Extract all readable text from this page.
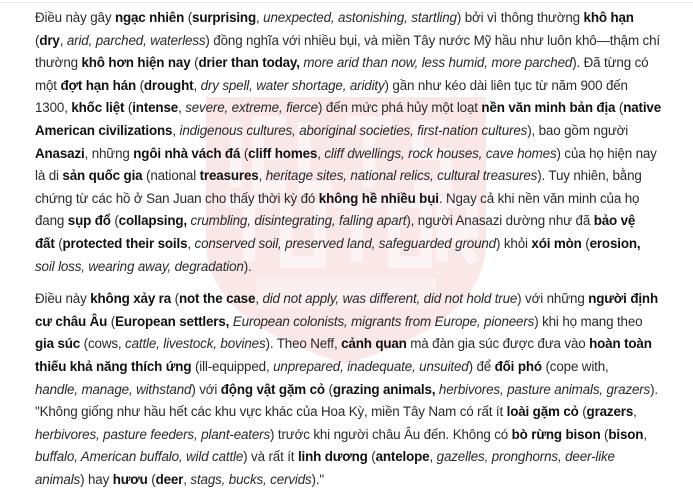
Điều này gây ngạc nhiên (surprising, unexpected, astonishing, startling) bởi vì thông thường khô hạn
(dry, arid, parched, waterless) đồng nghĩa với nhiều bụi, và miền Tây nước Mỹ hầu như luôn khô—thậm chí
thường khô hơn hiện nay (drier than today, more arid than now, less humid, more parched). Đã từng có
một đợt hạn hán (drought, dry spell, water shortage, aridity) gần như kéo dài liên tục từ năm 900 đến
1300, khốc liệt (intense, severe, extreme, fierce) đến mức phá hủy một loạt nền văn minh bản địa (native
American civilizations, indigenous cultures, aboriginal societies, first-nation cultures), bao gồm người
Anasazi, những ngôi nhà vách đá (cliff homes, cliff dwellings, rock houses, cave homes) của họ hiện nay
là di sản quốc gia (national treasures, heritage sites, national relics, cultural treasures). Tuy nhiên, bằng
chứng từ các hồ ở San Juan cho thấy thời kỳ đó không hề nhiều bụi. Ngay cả khi nền văn minh của họ
đang sụp đổ (collapsing, crumbling, disintegrating, falling apart), người Anasazi dường như đã bảo vệ
đất (protected their soils, conserved soil, preserved land, safeguarded ground) khỏi xói mòn (erosion,
soil loss, wearing away, degradation).
Điều này không xảy ra (not the case, did not apply, was different, did not hold true) với những người định
cư châu Âu (European settlers, European colonists, migrants from Europe, pioneers) khi họ mang theo
gia súc (cows, cattle, livestock, bovines). Theo Neff, cảnh quan mà đàn gia súc được đưa vào hoàn toàn
thiếu khả năng thích ứng (ill-equipped, unprepared, inadequate, unsuited) để đối phó (cope with,
handle, manage, withstand) với động vật gặm cỏ (grazing animals, herbivores, pasture animals, grazers).
"Không giống như hầu hết các khu vực khác của Hoa Kỳ, miền Tây Nam có rất ít loài gặm cỏ (grazers,
herbivores, pasture feeders, plant-eaters) trước khi người châu Âu đến. Không có bò rừng bison (bison,
buffalo, American buffalo, wild cattle) và rất ít linh dương (antelope, gazelles, pronghorns, deer-like
animals) hay hươu (deer, stags, bucks, cervids)."
